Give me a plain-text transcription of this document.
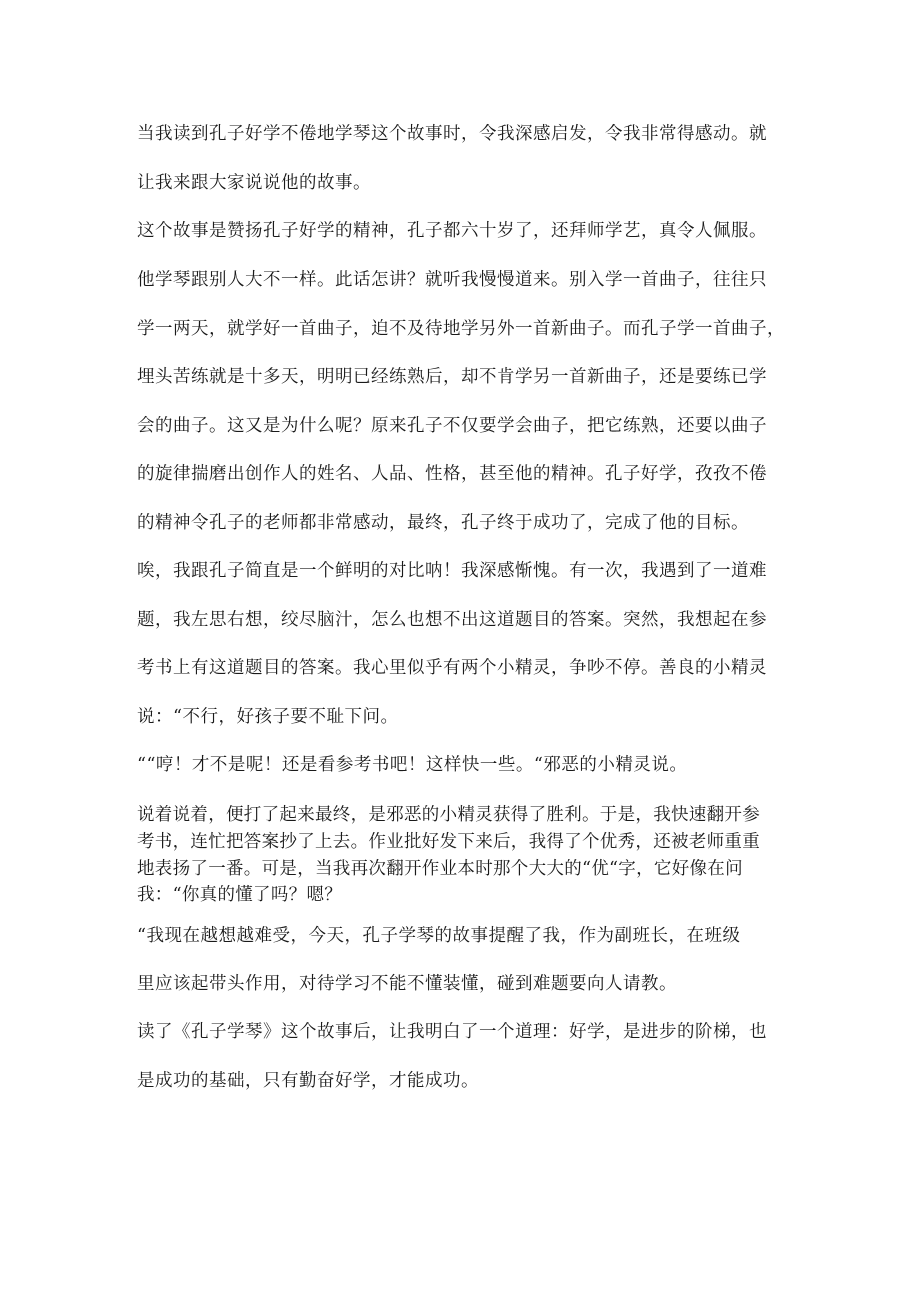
当我读到孔子好学不倦地学琴这个故事时，令我深感启发，令我非常得感动。就

让我来跟大家说说他的故事。

这个故事是赞扬孔子好学的精神，孔子都六十岁了，还拜师学艺，真令人佩服。

他学琴跟别人大不一样。此话怎讲？就听我慢慢道来。别入学一首曲子，往往只

学一两天，就学好一首曲子，迫不及待地学另外一首新曲子。而孔子学一首曲子，

埋头苦练就是十多天，明明已经练熟后，却不肯学另一首新曲子，还是要练已学

会的曲子。这又是为什么呢？原来孔子不仅要学会曲子，把它练熟，还要以曲子

的旋律揣磨出创作人的姓名、人品、性格，甚至他的精神。孔子好学，孜孜不倦

的精神令孔子的老师都非常感动，最终，孔子终于成功了，完成了他的目标。

唉，我跟孔子简直是一个鲜明的对比呐！我深感惭愧。有一次，我遇到了一道难

题，我左思右想，绞尽脑汁，怎么也想不出这道题目的答案。突然，我想起在参

考书上有这道题目的答案。我心里似乎有两个小精灵，争吵不停。善良的小精灵

说：“不行，好孩子要不耻下问。

““哼！才不是呢！还是看参考书吧！这样快一些。“邪恶的小精灵说。

说着说着，便打了起来最终，是邪恶的小精灵获得了胜利。于是，我快速翻开参

考书，连忙把答案抄了上去。作业批好发下来后，我得了个优秀，还被老师重重

地表扬了一番。可是，当我再次翻开作业本时那个大大的“优“字，它好像在问

我：“你真的懂了吗？嗯？

“我现在越想越难受，今天，孔子学琴的故事提醒了我，作为副班长，在班级

里应该起带头作用，对待学习不能不懂装懂，碰到难题要向人请教。

读了《孔子学琴》这个故事后，让我明白了一个道理：好学，是进步的阶梯，也

是成功的基础，只有勤奋好学，才能成功。
